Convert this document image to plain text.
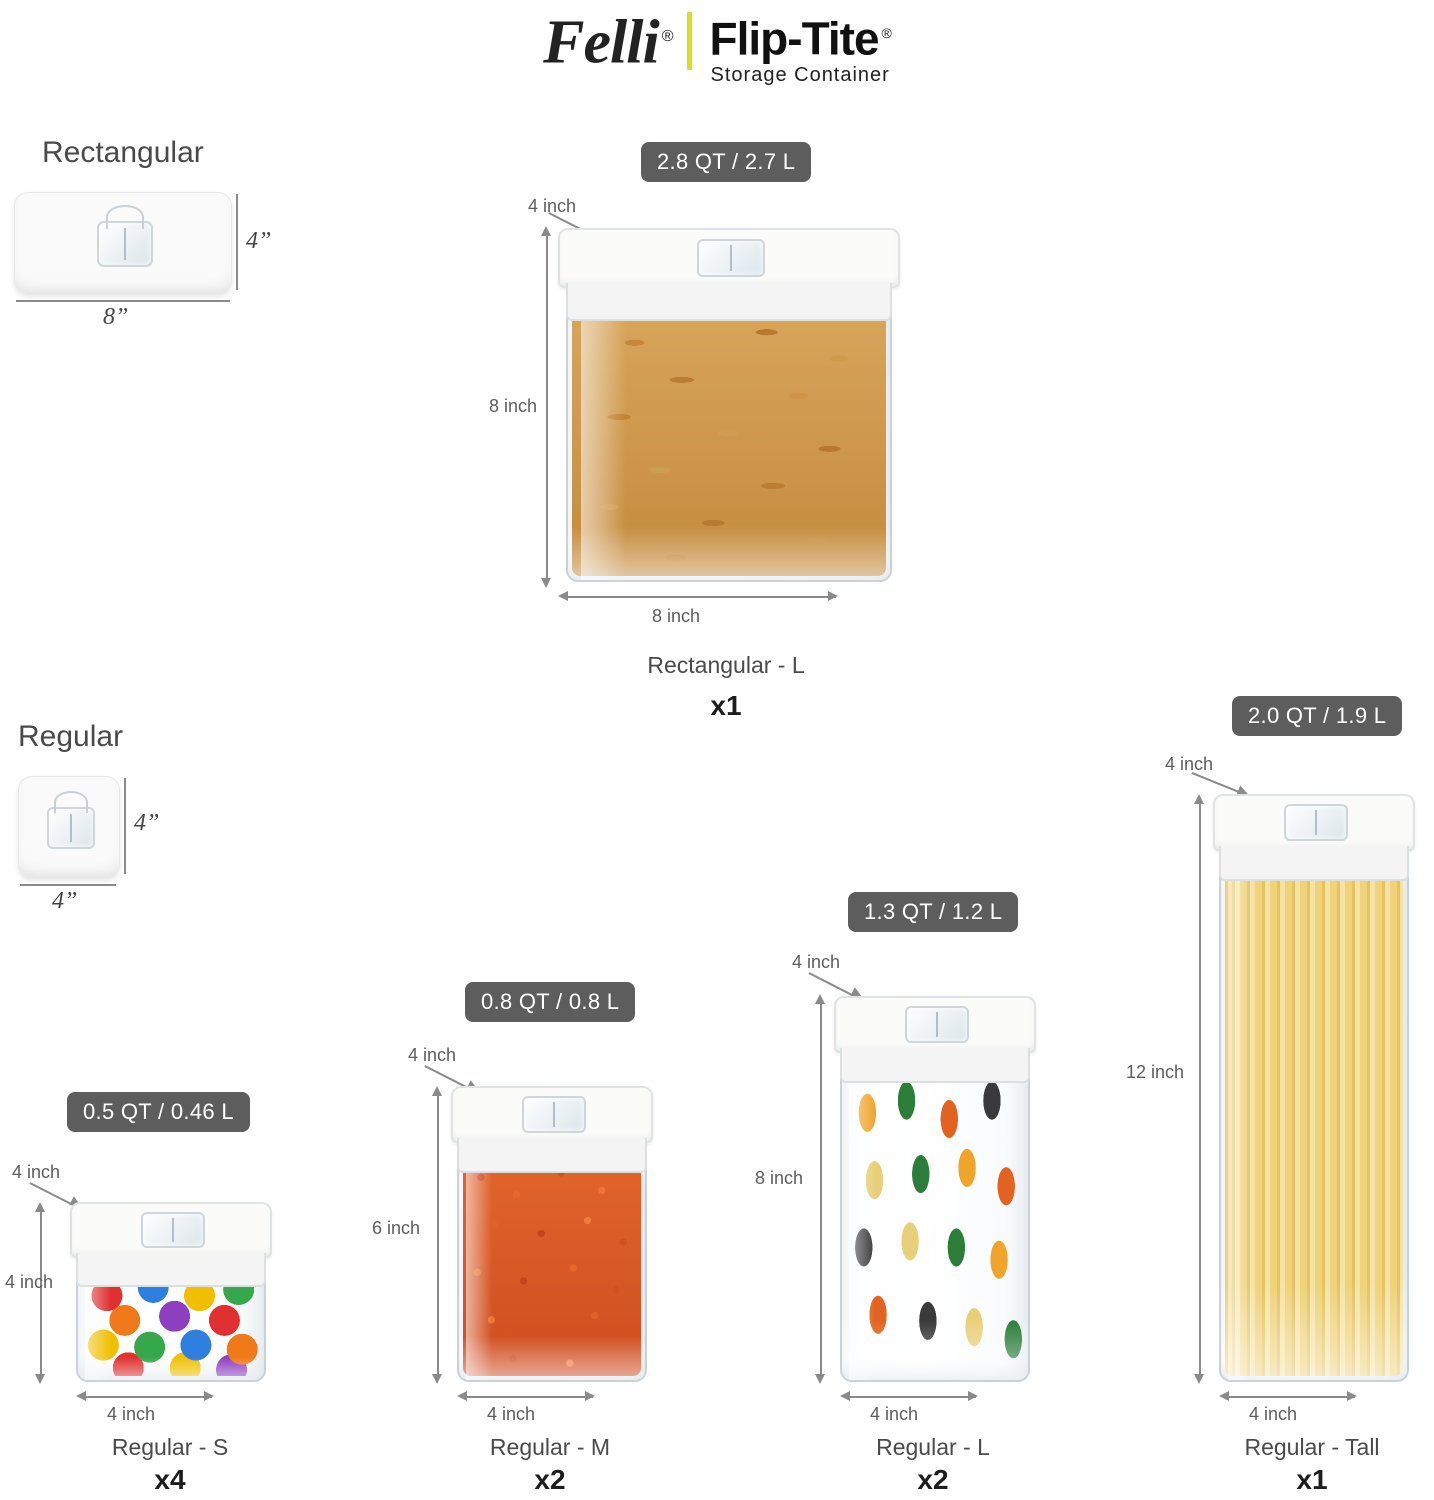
Felli ® Flip-Tite ®
Storage Container
Rectangular
4”
8”
Regular
4”
4”
2.8 QT / 2.7 L
4 inch
8 inch
8 inch
Rectangular - L
x1
0.5 QT / 0.46 L
4 inch
4 inch
4 inch
Regular - S
x4
0.8 QT / 0.8 L
4 inch
6 inch
4 inch
Regular - M
x2
1.3 QT / 1.2 L
4 inch
8 inch
4 inch
Regular - L
x2
2.0 QT / 1.9 L
4 inch
12 inch
4 inch
Regular - Tall
x1
